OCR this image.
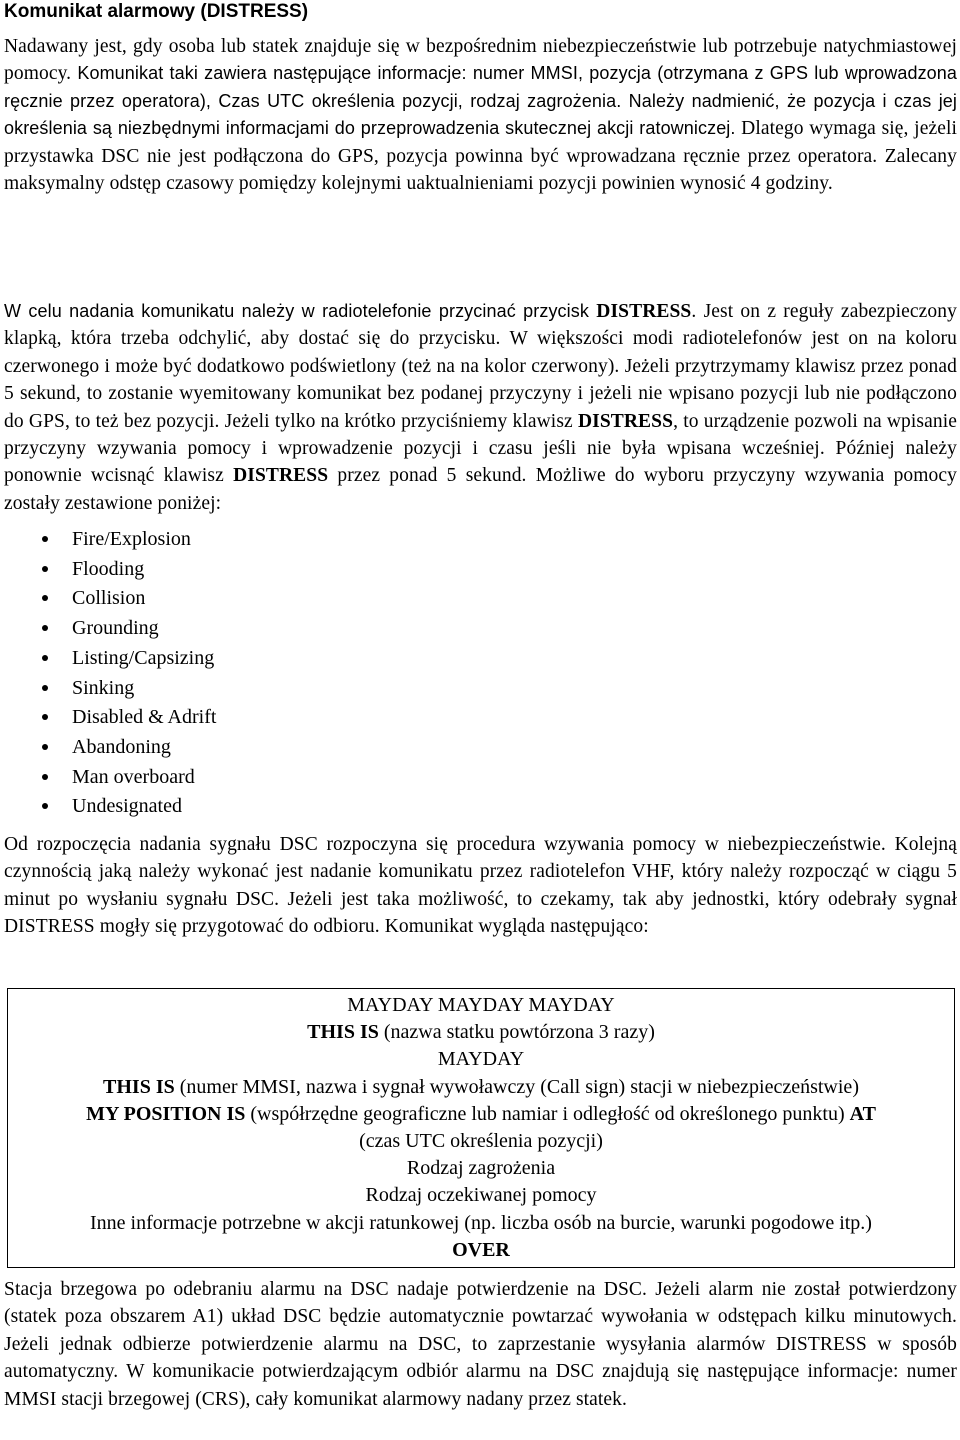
Komunikat alarmowy (DISTRESS)

Nadawany jest, gdy osoba lub statek znajduje się w bezpośrednim niebezpieczeństwie lub potrzebuje natychmiastowej pomocy. Komunikat taki zawiera następujące informacje: numer MMSI, pozycja (otrzymana z GPS lub wprowadzona ręcznie przez operatora), Czas UTC określenia pozycji, rodzaj zagrożenia. Należy nadmienić, że pozycja i czas jej określenia są niezbędnymi informacjami do przeprowadzenia skutecznej akcji ratowniczej. Dlatego wymaga się, jeżeli przystawka DSC nie jest podłączona do GPS, pozycja powinna być wprowadzana ręcznie przez operatora. Zalecany maksymalny odstęp czasowy pomiędzy kolejnymi uaktualnieniami pozycji powinien wynosić 4 godziny.

W celu nadania komunikatu należy w radiotelefonie przycinać przycisk DISTRESS. Jest on z reguły zabezpieczony klapką, która trzeba odchylić, aby dostać się do przycisku. W większości modi radiotelefonów jest on na koloru czerwonego i może być dodatkowo podświetlony (też na na kolor czerwony). Jeżeli przytrzymamy klawisz przez ponad 5 sekund, to zostanie wyemitowany komunikat bez podanej przyczyny i jeżeli nie wpisano pozycji lub nie podłączono do GPS, to też bez pozycji. Jeżeli tylko na krótko przyciśniemy klawisz DISTRESS, to urządzenie pozwoli na wpisanie przyczyny wzywania pomocy i wprowadzenie pozycji i czasu jeśli nie była wpisana wcześniej. Później należy ponownie wcisnąć klawisz DISTRESS przez ponad 5 sekund. Możliwe do wyboru przyczyny wzywania pomocy zostały zestawione poniżej:

Fire/Explosion
Flooding
Collision
Grounding
Listing/Capsizing
Sinking
Disabled & Adrift
Abandoning
Man overboard
Undesignated

Od rozpoczęcia nadania sygnału DSC rozpoczyna się procedura wzywania pomocy w niebezpieczeństwie. Kolejną czynnością jaką należy wykonać jest nadanie komunikatu przez radiotelefon VHF, który należy rozpocząć w ciągu 5 minut po wysłaniu sygnału DSC. Jeżeli jest taka możliwość, to czekamy, tak aby jednostki, który odebrały sygnał DISTRESS mogły się przygotować do odbioru. Komunikat wygląda następująco:

MAYDAY MAYDAY MAYDAY
THIS IS (nazwa statku powtórzona 3 razy)
MAYDAY
THIS IS (numer MMSI, nazwa i sygnał wywoławczy (Call sign) stacji w niebezpieczeństwie)
MY POSITION IS (współrzędne geograficzne lub namiar i odległość od określonego punktu) AT
(czas UTC określenia pozycji)
Rodzaj zagrożenia
Rodzaj oczekiwanej pomocy
Inne informacje potrzebne w akcji ratunkowej (np. liczba osób na burcie, warunki pogodowe itp.)
OVER

Stacja brzegowa po odebraniu alarmu na DSC nadaje potwierdzenie na DSC. Jeżeli alarm nie został potwierdzony (statek poza obszarem A1) układ DSC będzie automatycznie powtarzać wywołania w odstępach kilku minutowych. Jeżeli jednak odbierze potwierdzenie alarmu na DSC, to zaprzestanie wysyłania alarmów DISTRESS w sposób automatyczny. W komunikacie potwierdzającym odbiór alarmu na DSC znajdują się następujące informacje: numer MMSI stacji brzegowej (CRS), cały komunikat alarmowy nadany przez statek.
